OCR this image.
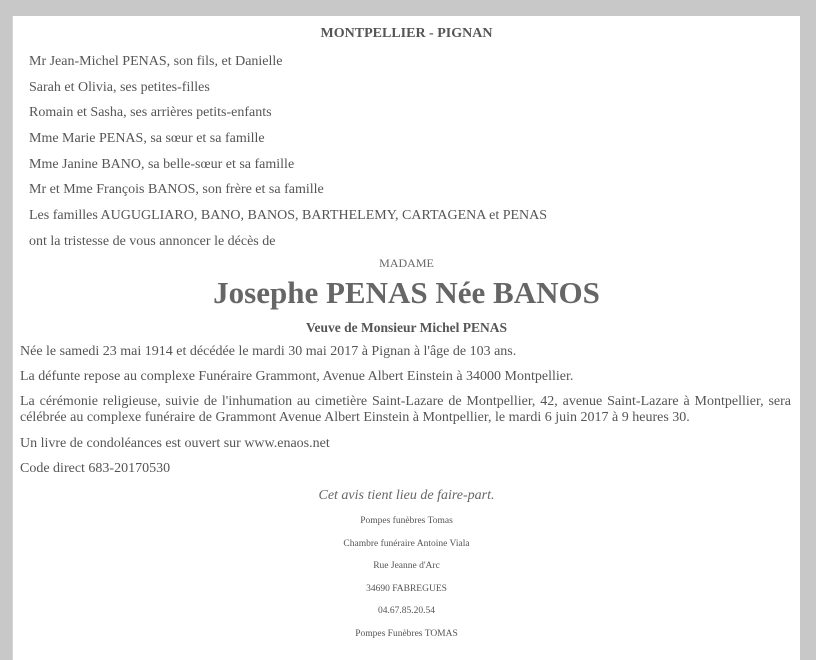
MONTPELLIER - PIGNAN
Mr Jean-Michel PENAS, son fils, et Danielle
Sarah et Olivia, ses petites-filles
Romain et Sasha, ses arrières petits-enfants
Mme Marie PENAS, sa sœur et sa famille
Mme Janine BANO, sa belle-sœur et sa famille
Mr et Mme François BANOS, son frère et sa famille
Les familles AUGUGLIARO, BANO, BANOS, BARTHELEMY, CARTAGENA et PENAS
ont la tristesse de vous annoncer le décès de
MADAME
Josephe PENAS Née BANOS
Veuve de Monsieur Michel PENAS

Née le samedi 23 mai 1914 et décédée le mardi 30 mai 2017 à Pignan à l'âge de 103 ans.

La défunte repose au complexe Funéraire Grammont, Avenue Albert Einstein à 34000 Montpellier.

La cérémonie religieuse, suivie de l'inhumation au cimetière Saint-Lazare de Montpellier, 42, avenue Saint-Lazare à Montpellier, sera célébrée au complexe funéraire de Grammont Avenue Albert Einstein à Montpellier, le mardi 6 juin 2017 à 9 heures 30.

Un livre de condoléances est ouvert sur www.enaos.net

Code direct 683-20170530

Cet avis tient lieu de faire-part.
Pompes funèbres Tomas
Chambre funéraire Antoine Viala
Rue Jeanne d'Arc
34690 FABREGUES
04.67.85.20.54
Pompes Funèbres TOMAS
